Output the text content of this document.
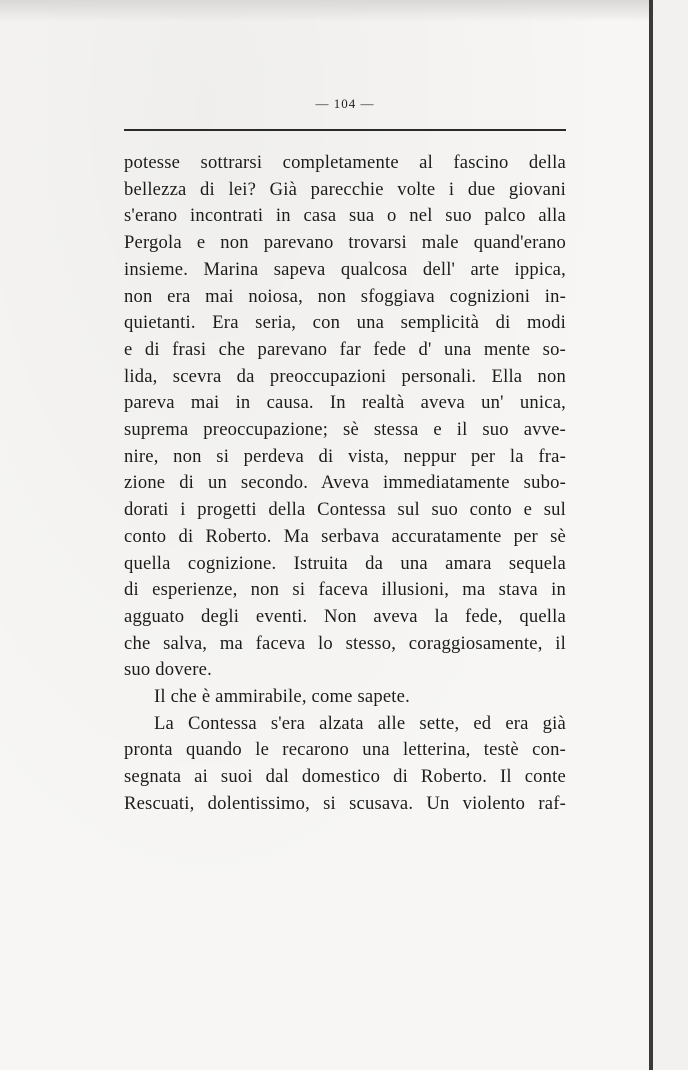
— 104 —
potesse sottrarsi completamente al fascino della
bellezza di lei? Già parecchie volte i due giovani
s'erano incontrati in casa sua o nel suo palco alla
Pergola e non parevano trovarsi male quand'erano
insieme. Marina sapeva qualcosa dell' arte ippica,
non era mai noiosa, non sfoggiava cognizioni in-
quietanti. Era seria, con una semplicità di modi
e di frasi che parevano far fede d' una mente so-
lida, scevra da preoccupazioni personali. Ella non
pareva mai in causa. In realtà aveva un' unica,
suprema preoccupazione; sè stessa e il suo avve-
nire, non si perdeva di vista, neppur per la fra-
zione di un secondo. Aveva immediatamente subo-
dorati i progetti della Contessa sul suo conto e sul
conto di Roberto. Ma serbava accuratamente per sè
quella cognizione. Istruita da una amara sequela
di esperienze, non si faceva illusioni, ma stava in
agguato degli eventi. Non aveva la fede, quella
che salva, ma faceva lo stesso, coraggiosamente, il
suo dovere.
Il che è ammirabile, come sapete.
La Contessa s'era alzata alle sette, ed era già
pronta quando le recarono una letterina, testè con-
segnata ai suoi dal domestico di Roberto. Il conte
Rescuati, dolentissimo, si scusava. Un violento raf-
